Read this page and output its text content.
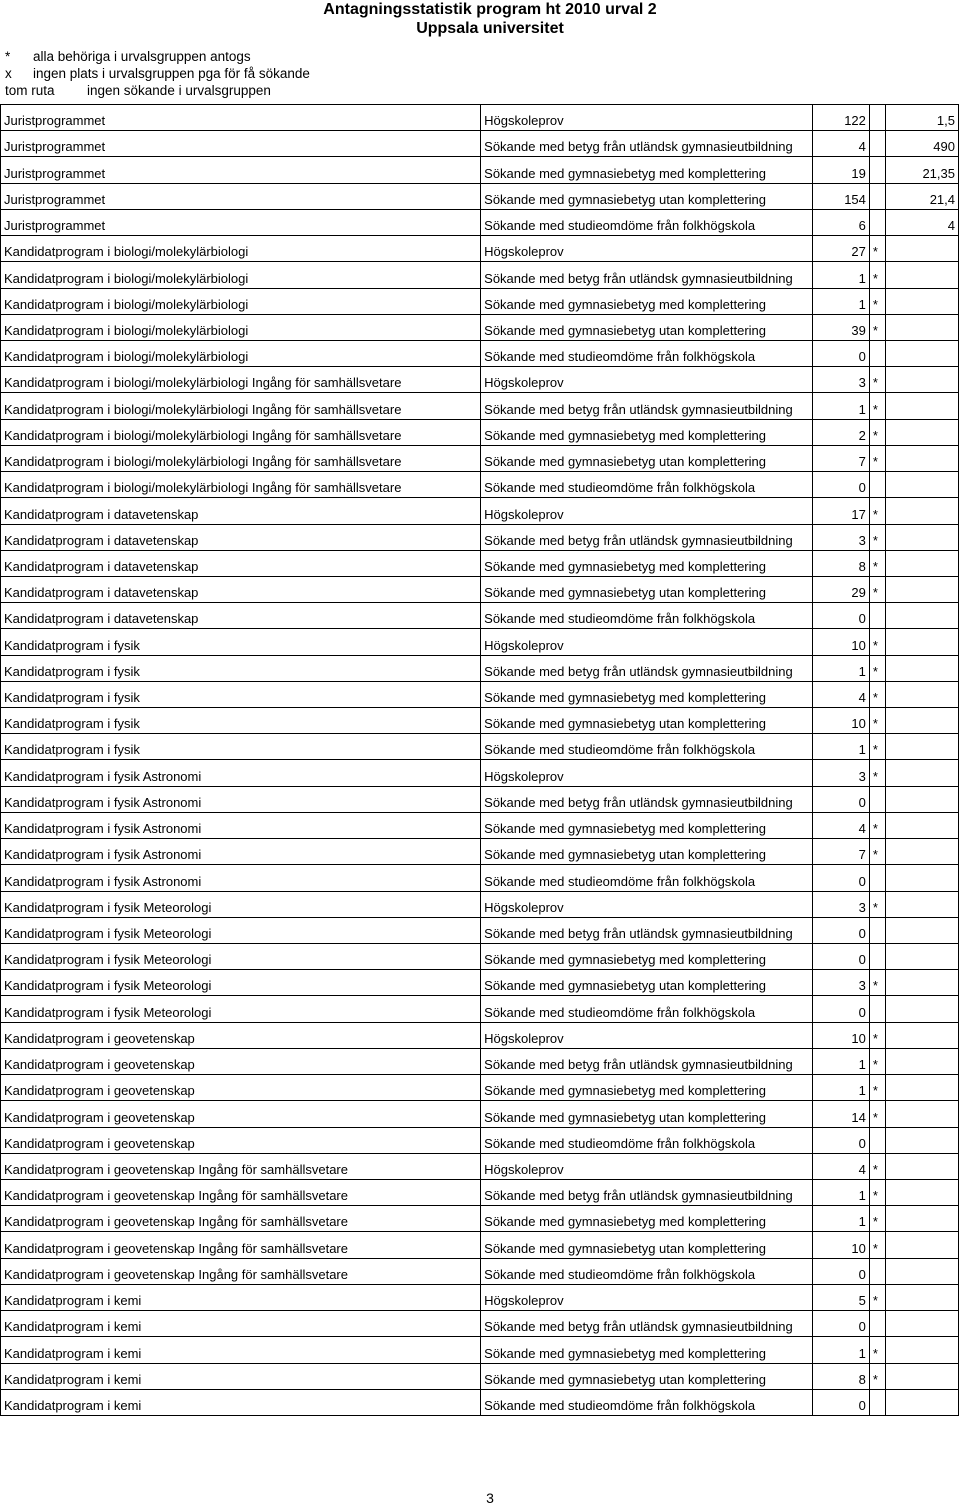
Antagningsstatistik program ht 2010 urval 2
Uppsala universitet
* alla behöriga i urvalsgruppen antogs
x ingen plats i urvalsgruppen pga för få sökande
tom ruta ingen sökande i urvalsgruppen
Juristprogrammet	Högskoleprov	122		1,5
Juristprogrammet	Sökande med betyg från utländsk gymnasieutbildning	4		490
Juristprogrammet	Sökande med gymnasiebetyg med komplettering	19		21,35
Juristprogrammet	Sökande med gymnasiebetyg utan komplettering	154		21,4
Juristprogrammet	Sökande med studieomdöme från folkhögskola	6		4
Kandidatprogram i biologi/molekylärbiologi	Högskoleprov	27	*	
Kandidatprogram i biologi/molekylärbiologi	Sökande med betyg från utländsk gymnasieutbildning	1	*	
Kandidatprogram i biologi/molekylärbiologi	Sökande med gymnasiebetyg med komplettering	1	*	
Kandidatprogram i biologi/molekylärbiologi	Sökande med gymnasiebetyg utan komplettering	39	*	
Kandidatprogram i biologi/molekylärbiologi	Sökande med studieomdöme från folkhögskola	0		
Kandidatprogram i biologi/molekylärbiologi Ingång för samhällsvetare	Högskoleprov	3	*	
Kandidatprogram i biologi/molekylärbiologi Ingång för samhällsvetare	Sökande med betyg från utländsk gymnasieutbildning	1	*	
Kandidatprogram i biologi/molekylärbiologi Ingång för samhällsvetare	Sökande med gymnasiebetyg med komplettering	2	*	
Kandidatprogram i biologi/molekylärbiologi Ingång för samhällsvetare	Sökande med gymnasiebetyg utan komplettering	7	*	
Kandidatprogram i biologi/molekylärbiologi Ingång för samhällsvetare	Sökande med studieomdöme från folkhögskola	0		
Kandidatprogram i datavetenskap	Högskoleprov	17	*	
Kandidatprogram i datavetenskap	Sökande med betyg från utländsk gymnasieutbildning	3	*	
Kandidatprogram i datavetenskap	Sökande med gymnasiebetyg med komplettering	8	*	
Kandidatprogram i datavetenskap	Sökande med gymnasiebetyg utan komplettering	29	*	
Kandidatprogram i datavetenskap	Sökande med studieomdöme från folkhögskola	0		
Kandidatprogram i fysik	Högskoleprov	10	*	
Kandidatprogram i fysik	Sökande med betyg från utländsk gymnasieutbildning	1	*	
Kandidatprogram i fysik	Sökande med gymnasiebetyg med komplettering	4	*	
Kandidatprogram i fysik	Sökande med gymnasiebetyg utan komplettering	10	*	
Kandidatprogram i fysik	Sökande med studieomdöme från folkhögskola	1	*	
Kandidatprogram i fysik Astronomi	Högskoleprov	3	*	
Kandidatprogram i fysik Astronomi	Sökande med betyg från utländsk gymnasieutbildning	0		
Kandidatprogram i fysik Astronomi	Sökande med gymnasiebetyg med komplettering	4	*	
Kandidatprogram i fysik Astronomi	Sökande med gymnasiebetyg utan komplettering	7	*	
Kandidatprogram i fysik Astronomi	Sökande med studieomdöme från folkhögskola	0		
Kandidatprogram i fysik Meteorologi	Högskoleprov	3	*	
Kandidatprogram i fysik Meteorologi	Sökande med betyg från utländsk gymnasieutbildning	0		
Kandidatprogram i fysik Meteorologi	Sökande med gymnasiebetyg med komplettering	0		
Kandidatprogram i fysik Meteorologi	Sökande med gymnasiebetyg utan komplettering	3	*	
Kandidatprogram i fysik Meteorologi	Sökande med studieomdöme från folkhögskola	0		
Kandidatprogram i geovetenskap	Högskoleprov	10	*	
Kandidatprogram i geovetenskap	Sökande med betyg från utländsk gymnasieutbildning	1	*	
Kandidatprogram i geovetenskap	Sökande med gymnasiebetyg med komplettering	1	*	
Kandidatprogram i geovetenskap	Sökande med gymnasiebetyg utan komplettering	14	*	
Kandidatprogram i geovetenskap	Sökande med studieomdöme från folkhögskola	0		
Kandidatprogram i geovetenskap Ingång för samhällsvetare	Högskoleprov	4	*	
Kandidatprogram i geovetenskap Ingång för samhällsvetare	Sökande med betyg från utländsk gymnasieutbildning	1	*	
Kandidatprogram i geovetenskap Ingång för samhällsvetare	Sökande med gymnasiebetyg med komplettering	1	*	
Kandidatprogram i geovetenskap Ingång för samhällsvetare	Sökande med gymnasiebetyg utan komplettering	10	*	
Kandidatprogram i geovetenskap Ingång för samhällsvetare	Sökande med studieomdöme från folkhögskola	0		
Kandidatprogram i kemi	Högskoleprov	5	*	
Kandidatprogram i kemi	Sökande med betyg från utländsk gymnasieutbildning	0		
Kandidatprogram i kemi	Sökande med gymnasiebetyg med komplettering	1	*	
Kandidatprogram i kemi	Sökande med gymnasiebetyg utan komplettering	8	*	
Kandidatprogram i kemi	Sökande med studieomdöme från folkhögskola	0		
3
